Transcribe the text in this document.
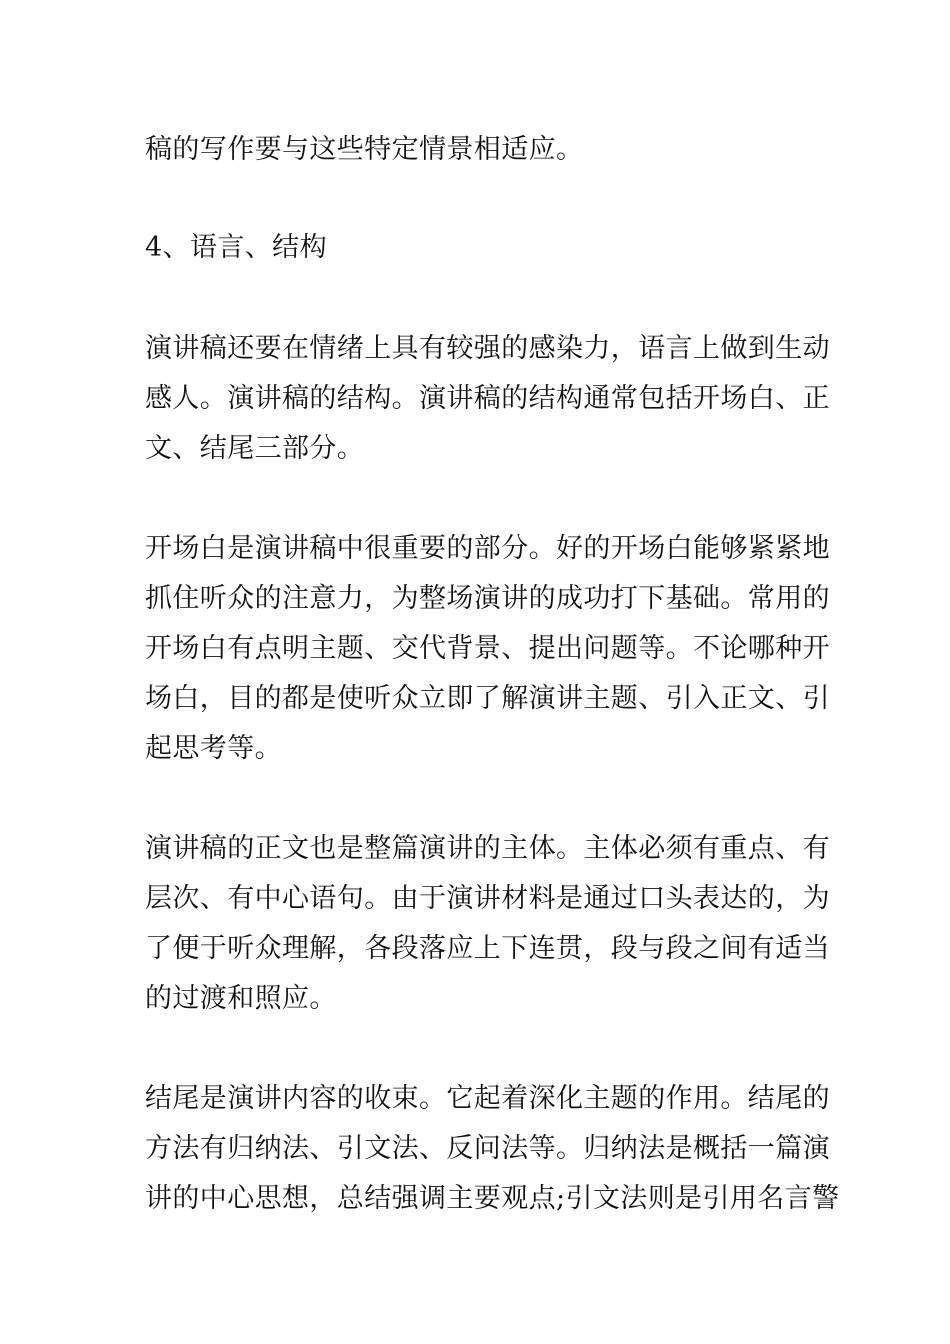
稿的写作要与这些特定情景相适应。

4、语言、结构

演讲稿还要在情绪上具有较强的感染力，语言上做到生动

感人。演讲稿的结构。演讲稿的结构通常包括开场白、正

文、结尾三部分。

开场白是演讲稿中很重要的部分。好的开场白能够紧紧地

抓住听众的注意力，为整场演讲的成功打下基础。常用的

开场白有点明主题、交代背景、提出问题等。不论哪种开

场白，目的都是使听众立即了解演讲主题、引入正文、引

起思考等。

演讲稿的正文也是整篇演讲的主体。主体必须有重点、有

层次、有中心语句。由于演讲材料是通过口头表达的，为

了便于听众理解，各段落应上下连贯，段与段之间有适当

的过渡和照应。

结尾是演讲内容的收束。它起着深化主题的作用。结尾的

方法有归纳法、引文法、反问法等。归纳法是概括一篇演

讲的中心思想，总结强调主要观点;引文法则是引用名言警
